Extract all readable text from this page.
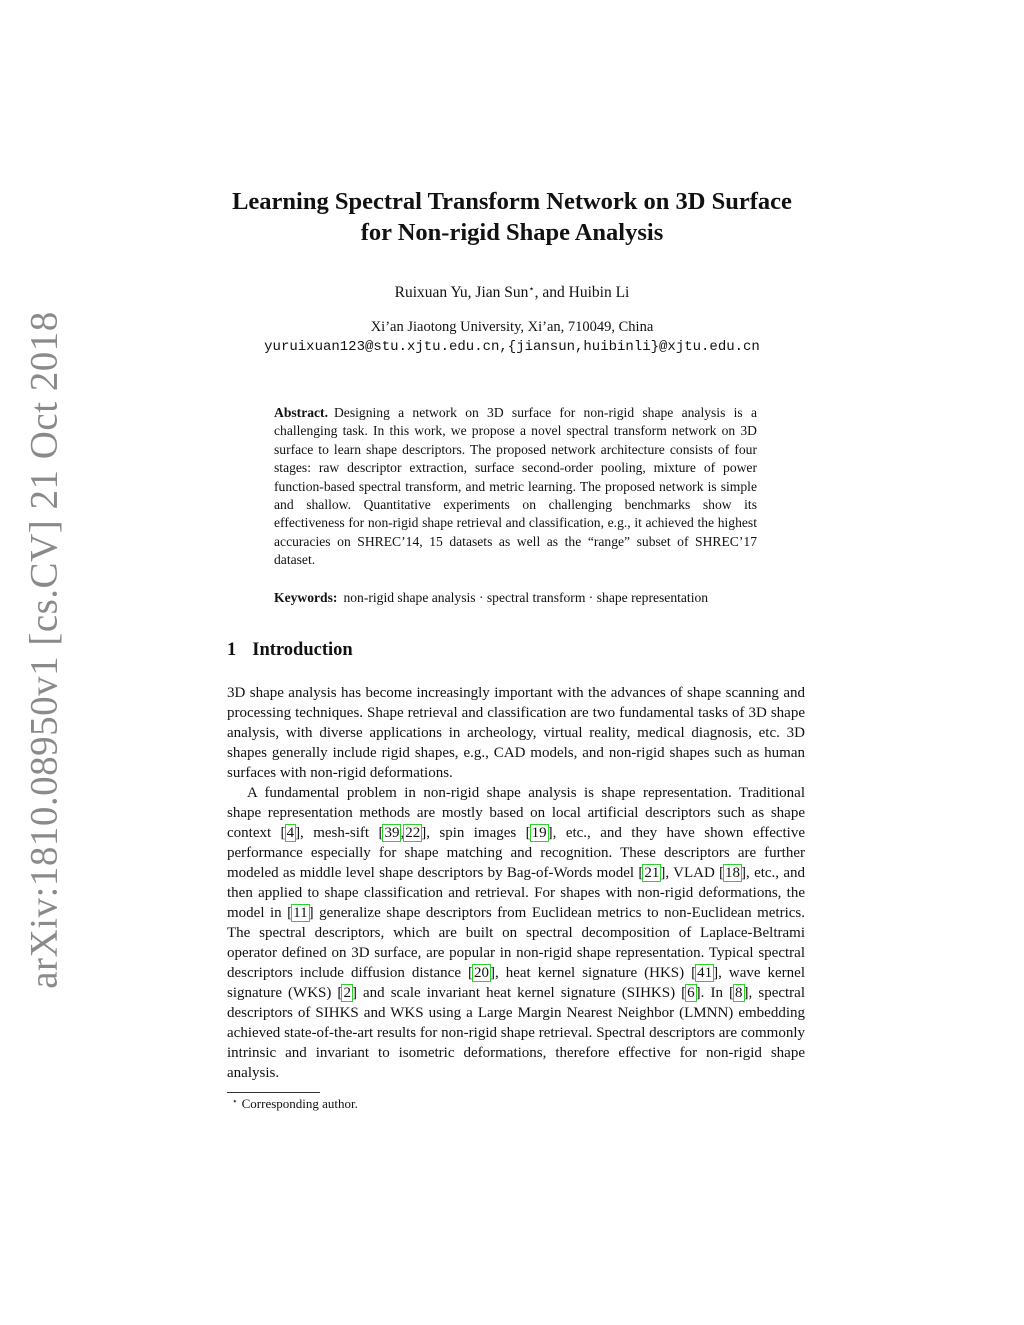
arXiv:1810.08950v1 [cs.CV] 21 Oct 2018
Learning Spectral Transform Network on 3D Surface
for Non-rigid Shape Analysis
Ruixuan Yu, Jian Sun⋆, and Huibin Li
Xi’an Jiaotong University, Xi’an, 710049, China
yuruixuan123@stu.xjtu.edu.cn,{jiansun,huibinli}@xjtu.edu.cn
Abstract. Designing a network on 3D surface for non-rigid shape analysis is a challenging task. In this work, we propose a novel spectral transform network on 3D surface to learn shape descriptors. The proposed network architecture consists of four stages: raw descriptor extraction, surface second-order pooling, mixture of power function-based spectral transform, and metric learning. The proposed network is simple and shallow. Quantitative experiments on challenging benchmarks show its effectiveness for non-rigid shape retrieval and classification, e.g., it achieved the highest accuracies on SHREC’14, 15 datasets as well as the “range” subset of SHREC’17 dataset.
Keywords: non-rigid shape analysis · spectral transform · shape representation
1 Introduction

3D shape analysis has become increasingly important with the advances of shape scanning and processing techniques. Shape retrieval and classification are two fundamental tasks of 3D shape analysis, with diverse applications in archeology, virtual reality, medical diagnosis, etc. 3D shapes generally include rigid shapes, e.g., CAD models, and non-rigid shapes such as human surfaces with non-rigid deformations.

A fundamental problem in non-rigid shape analysis is shape representation. Traditional shape representation methods are mostly based on local artificial descriptors such as shape context [4], mesh-sift [39,22], spin images [19], etc., and they have shown effective performance especially for shape matching and recognition. These descriptors are further modeled as middle level shape descriptors by Bag-of-Words model [21], VLAD [18], etc., and then applied to shape classification and retrieval. For shapes with non-rigid deformations, the model in [11] generalize shape descriptors from Euclidean metrics to non-Euclidean metrics. The spectral descriptors, which are built on spectral decomposition of Laplace-Beltrami operator defined on 3D surface, are popular in non-rigid shape representation. Typical spectral descriptors include diffusion distance [20], heat kernel signature (HKS) [41], wave kernel signature (WKS) [2] and scale invariant heat kernel signature (SIHKS) [6]. In [8], spectral descriptors of SIHKS and WKS using a Large Margin Nearest Neighbor (LMNN) embedding achieved state-of-the-art results for non-rigid shape retrieval. Spectral descriptors are commonly intrinsic and invariant to isometric deformations, therefore effective for non-rigid shape analysis.

⋆ Corresponding author.
